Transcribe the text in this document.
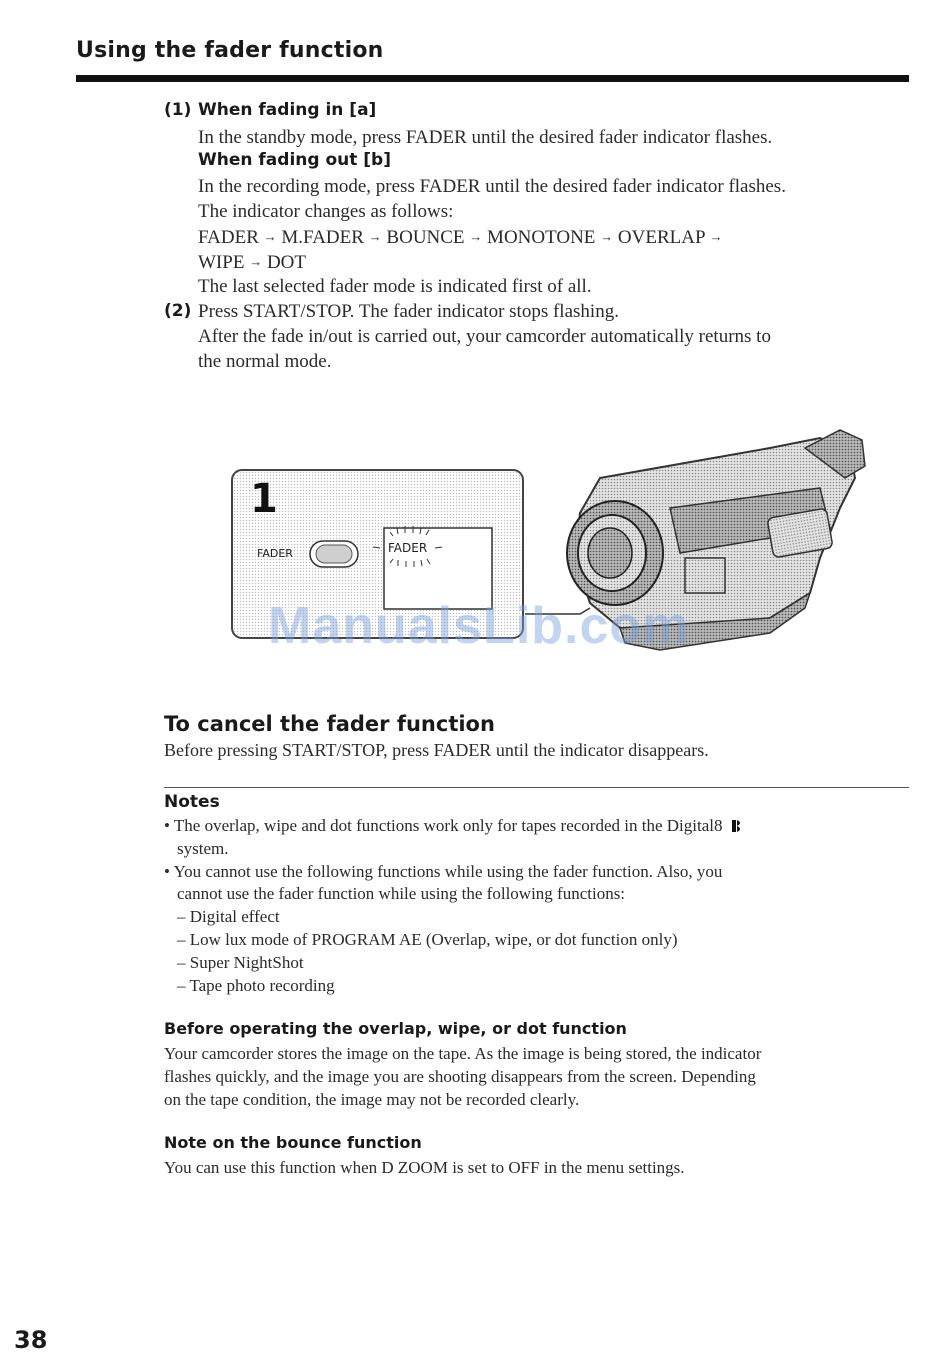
Using the fader function
(1) When fading in [a]
In the standby mode, press FADER until the desired fader indicator flashes.
When fading out [b]
In the recording mode, press FADER until the desired fader indicator flashes.
The indicator changes as follows:
FADER → M.FADER → BOUNCE → MONOTONE → OVERLAP →
WIPE → DOT
The last selected fader mode is indicated first of all.
(2) Press START/STOP. The fader indicator stops flashing.
After the fade in/out is carried out, your camcorder automatically returns to
the normal mode.
1
FADER	FADER
ManualsLib.com
To cancel the fader function
Before pressing START/STOP, press FADER until the indicator disappears.
Notes
• The overlap, wipe and dot functions work only for tapes recorded in the Digital8
system.
• You cannot use the following functions while using the fader function. Also, you
cannot use the fader function while using the following functions:
– Digital effect
– Low lux mode of PROGRAM AE (Overlap, wipe, or dot function only)
– Super NightShot
– Tape photo recording
Before operating the overlap, wipe, or dot function
Your camcorder stores the image on the tape. As the image is being stored, the indicator
flashes quickly, and the image you are shooting disappears from the screen. Depending
on the tape condition, the image may not be recorded clearly.
Note on the bounce function
You can use this function when D ZOOM is set to OFF in the menu settings.
38
